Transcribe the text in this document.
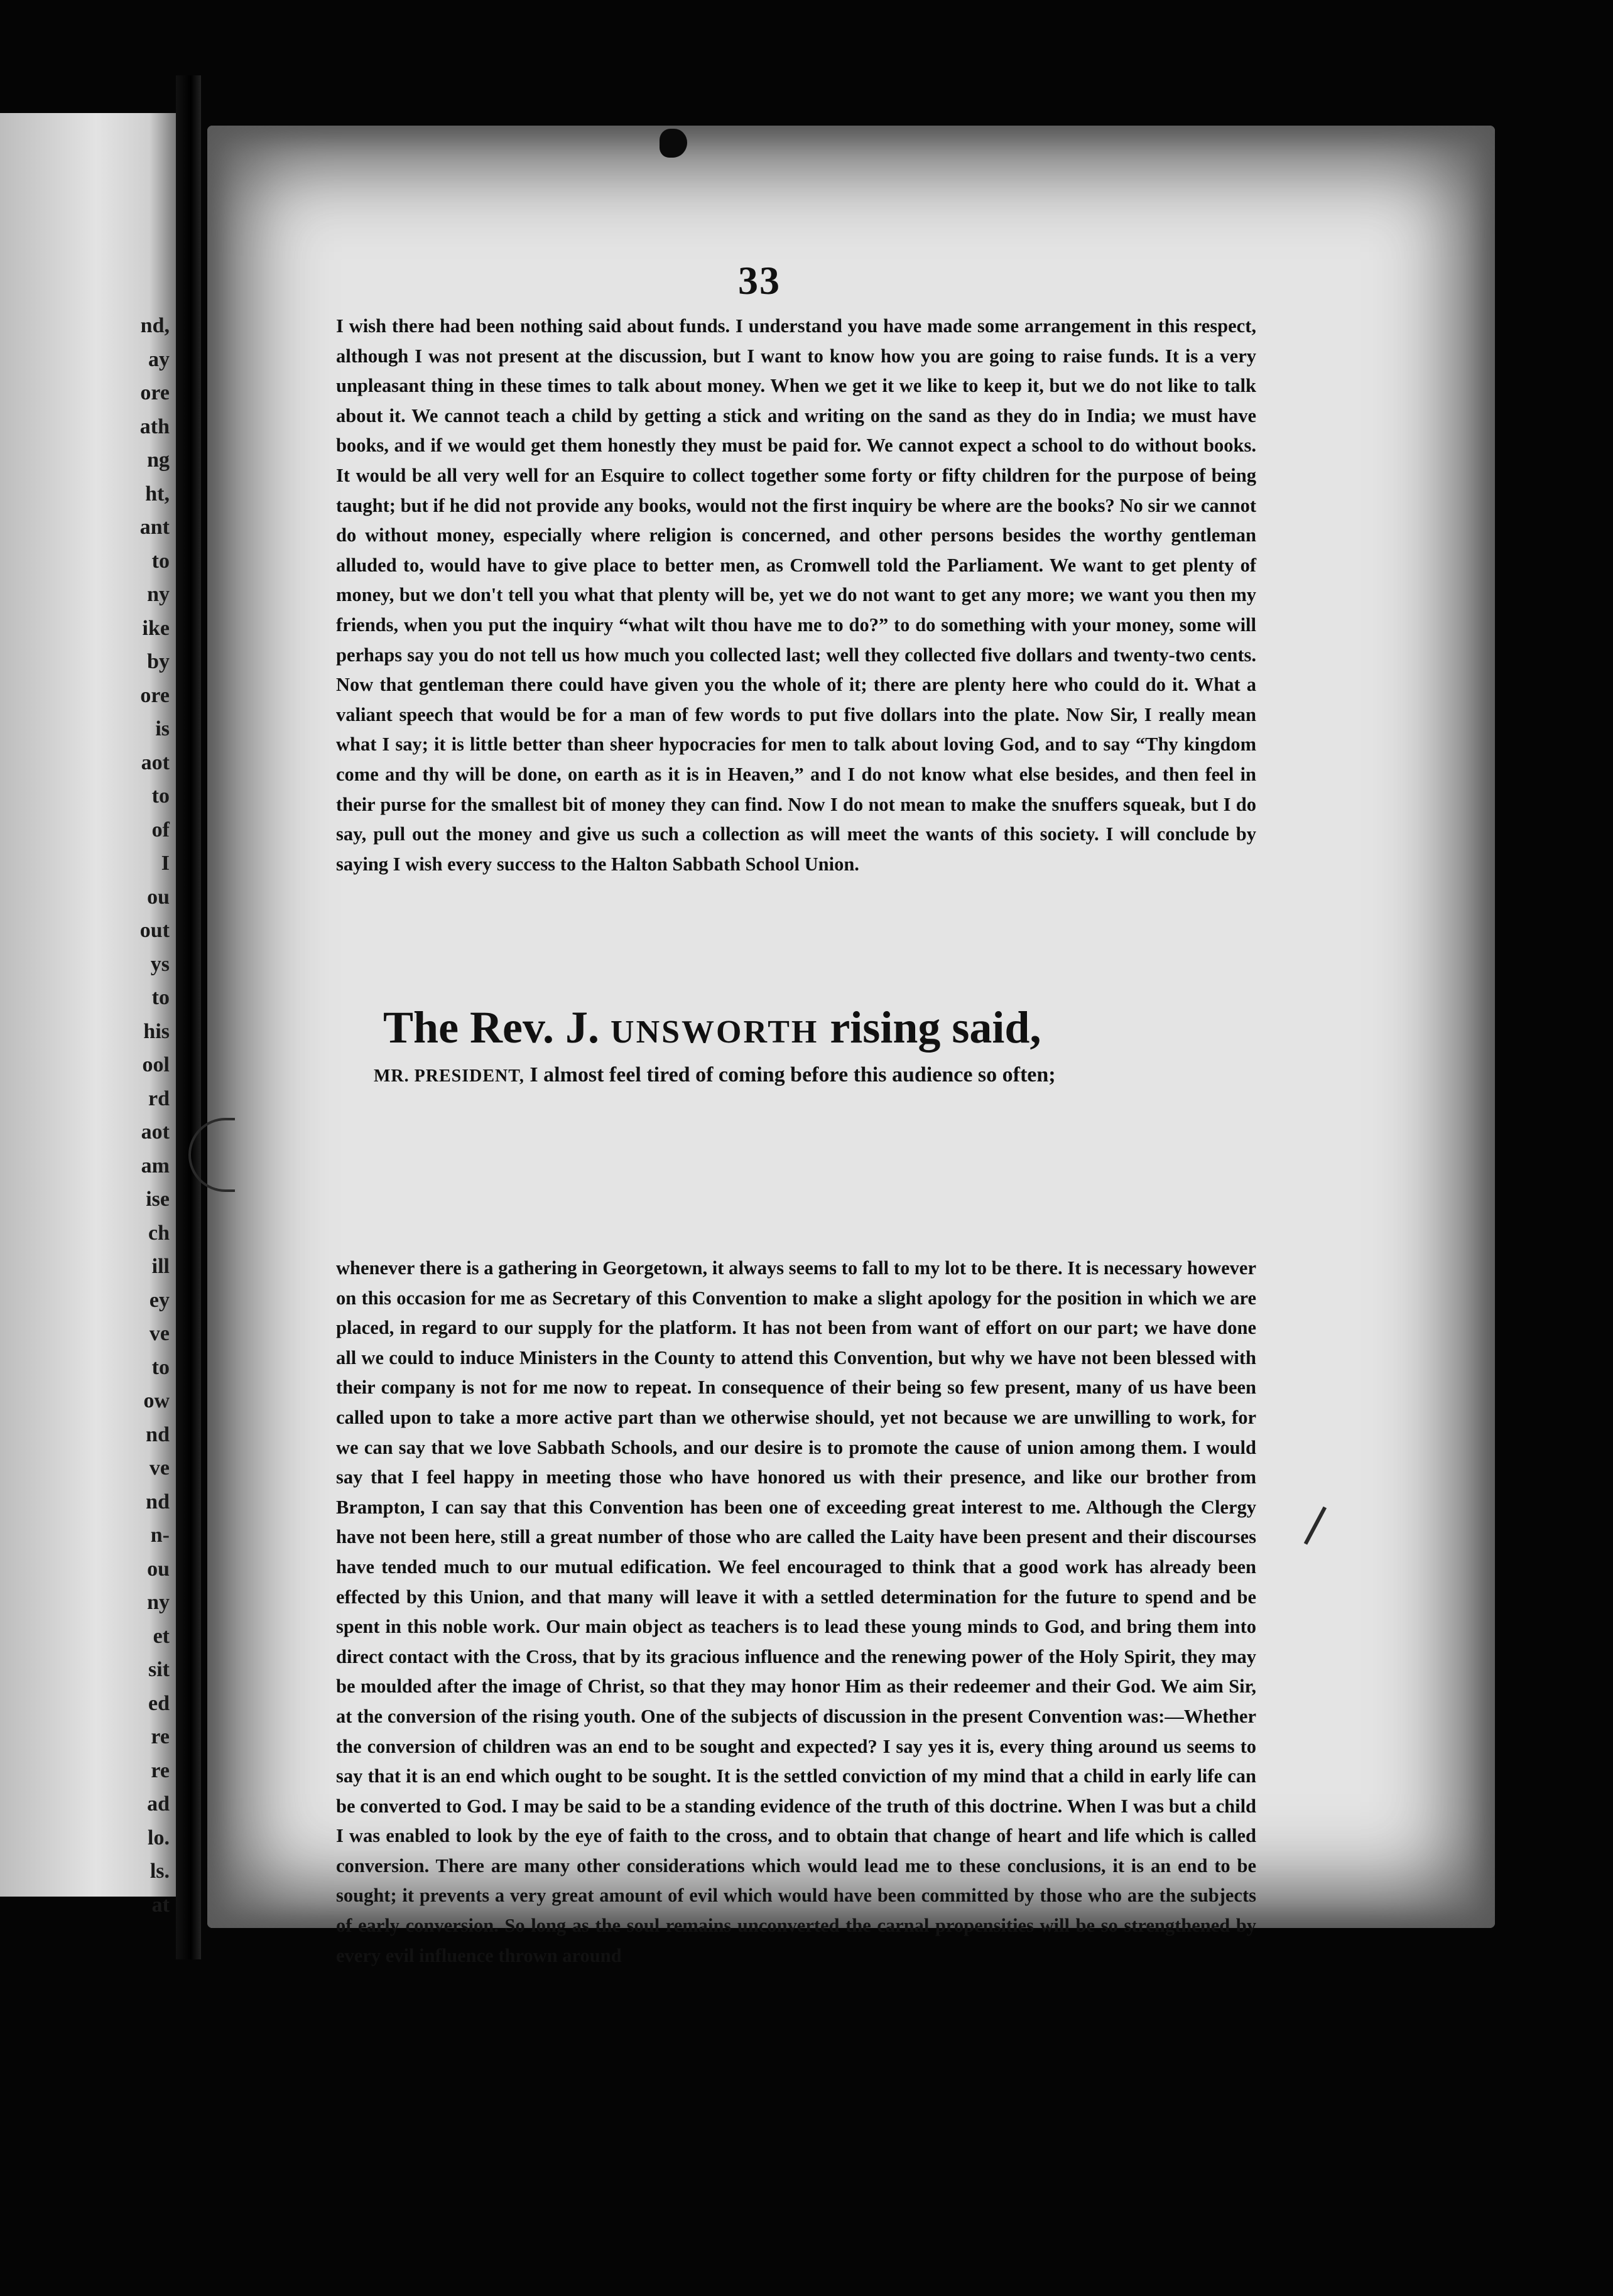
nd,

ay

ore

ath

ng

ht,

ant

to

ny

ike

by

ore

is

aot

to

of

I

ou

out

ys

to

his

ool

rd

aot

am

ise

ch

ill

ey

ve

to

ow

nd

ve

nd

n-

ou

ny

et

sit

ed

re

re

ad

lo.

ls.

at

33

I wish there had been nothing said about funds. I understand you have made some arrangement in this respect, although I was not present at the discussion, but I want to know how you are going to raise funds. It is a very unpleasant thing in these times to talk about money. When we get it we like to keep it, but we do not like to talk about it. We cannot teach a child by getting a stick and writing on the sand as they do in India; we must have books, and if we would get them honestly they must be paid for. We cannot expect a school to do without books. It would be all very well for an Esquire to collect together some forty or fifty children for the purpose of being taught; but if he did not provide any books, would not the first inquiry be where are the books? No sir we cannot do without money, especially where religion is concerned, and other persons besides the worthy gentleman alluded to, would have to give place to better men, as Cromwell told the Parliament. We want to get plenty of money, but we don't tell you what that plenty will be, yet we do not want to get any more; we want you then my friends, when you put the inquiry “what wilt thou have me to do?” to do something with your money, some will perhaps say you do not tell us how much you collected last; well they collected five dollars and twenty-two cents. Now that gentleman there could have given you the whole of it; there are plenty here who could do it. What a valiant speech that would be for a man of few words to put five dollars into the plate. Now Sir, I really mean what I say; it is little better than sheer hypocracies for men to talk about loving God, and to say “Thy kingdom come and thy will be done, on earth as it is in Heaven,” and I do not know what else besides, and then feel in their purse for the smallest bit of money they can find. Now I do not mean to make the snuffers squeak, but I do say, pull out the money and give us such a collection as will meet the wants of this society. I will conclude by saying I wish every success to the Halton Sabbath School Union.

The Rev. J. UNSWORTH rising said,

MR. PRESIDENT, I almost feel tired of coming before this audience so often;

whenever there is a gathering in Georgetown, it always seems to fall to my lot to be there. It is necessary however on this occasion for me as Secretary of this Convention to make a slight apology for the position in which we are placed, in regard to our supply for the platform. It has not been from want of effort on our part; we have done all we could to induce Ministers in the County to attend this Convention, but why we have not been blessed with their company is not for me now to repeat. In consequence of their being so few present, many of us have been called upon to take a more active part than we otherwise should, yet not because we are unwilling to work, for we can say that we love Sabbath Schools, and our desire is to promote the cause of union among them. I would say that I feel happy in meeting those who have honored us with their presence, and like our brother from Brampton, I can say that this Convention has been one of exceeding great interest to me. Although the Clergy have not been here, still a great number of those who are called the Laity have been present and their discourses have tended much to our mutual edification. We feel encouraged to think that a good work has already been effected by this Union, and that many will leave it with a settled determination for the future to spend and be spent in this noble work. Our main object as teachers is to lead these young minds to God, and bring them into direct contact with the Cross, that by its gracious influence and the renewing power of the Holy Spirit, they may be moulded after the image of Christ, so that they may honor Him as their redeemer and their God. We aim Sir, at the conversion of the rising youth. One of the subjects of discussion in the present Convention was:—Whether the conversion of children was an end to be sought and expected? I say yes it is, every thing around us seems to say that it is an end which ought to be sought. It is the settled conviction of my mind that a child in early life can be converted to God. I may be said to be a standing evidence of the truth of this doctrine. When I was but a child I was enabled to look by the eye of faith to the cross, and to obtain that change of heart and life which is called conversion. There are many other considerations which would lead me to these conclusions, it is an end to be sought; it prevents a very great amount of evil which would have been committed by those who are the subjects of early conversion. So long as the soul remains unconverted the carnal propensities will be so strengthened by every evil influence thrown around
